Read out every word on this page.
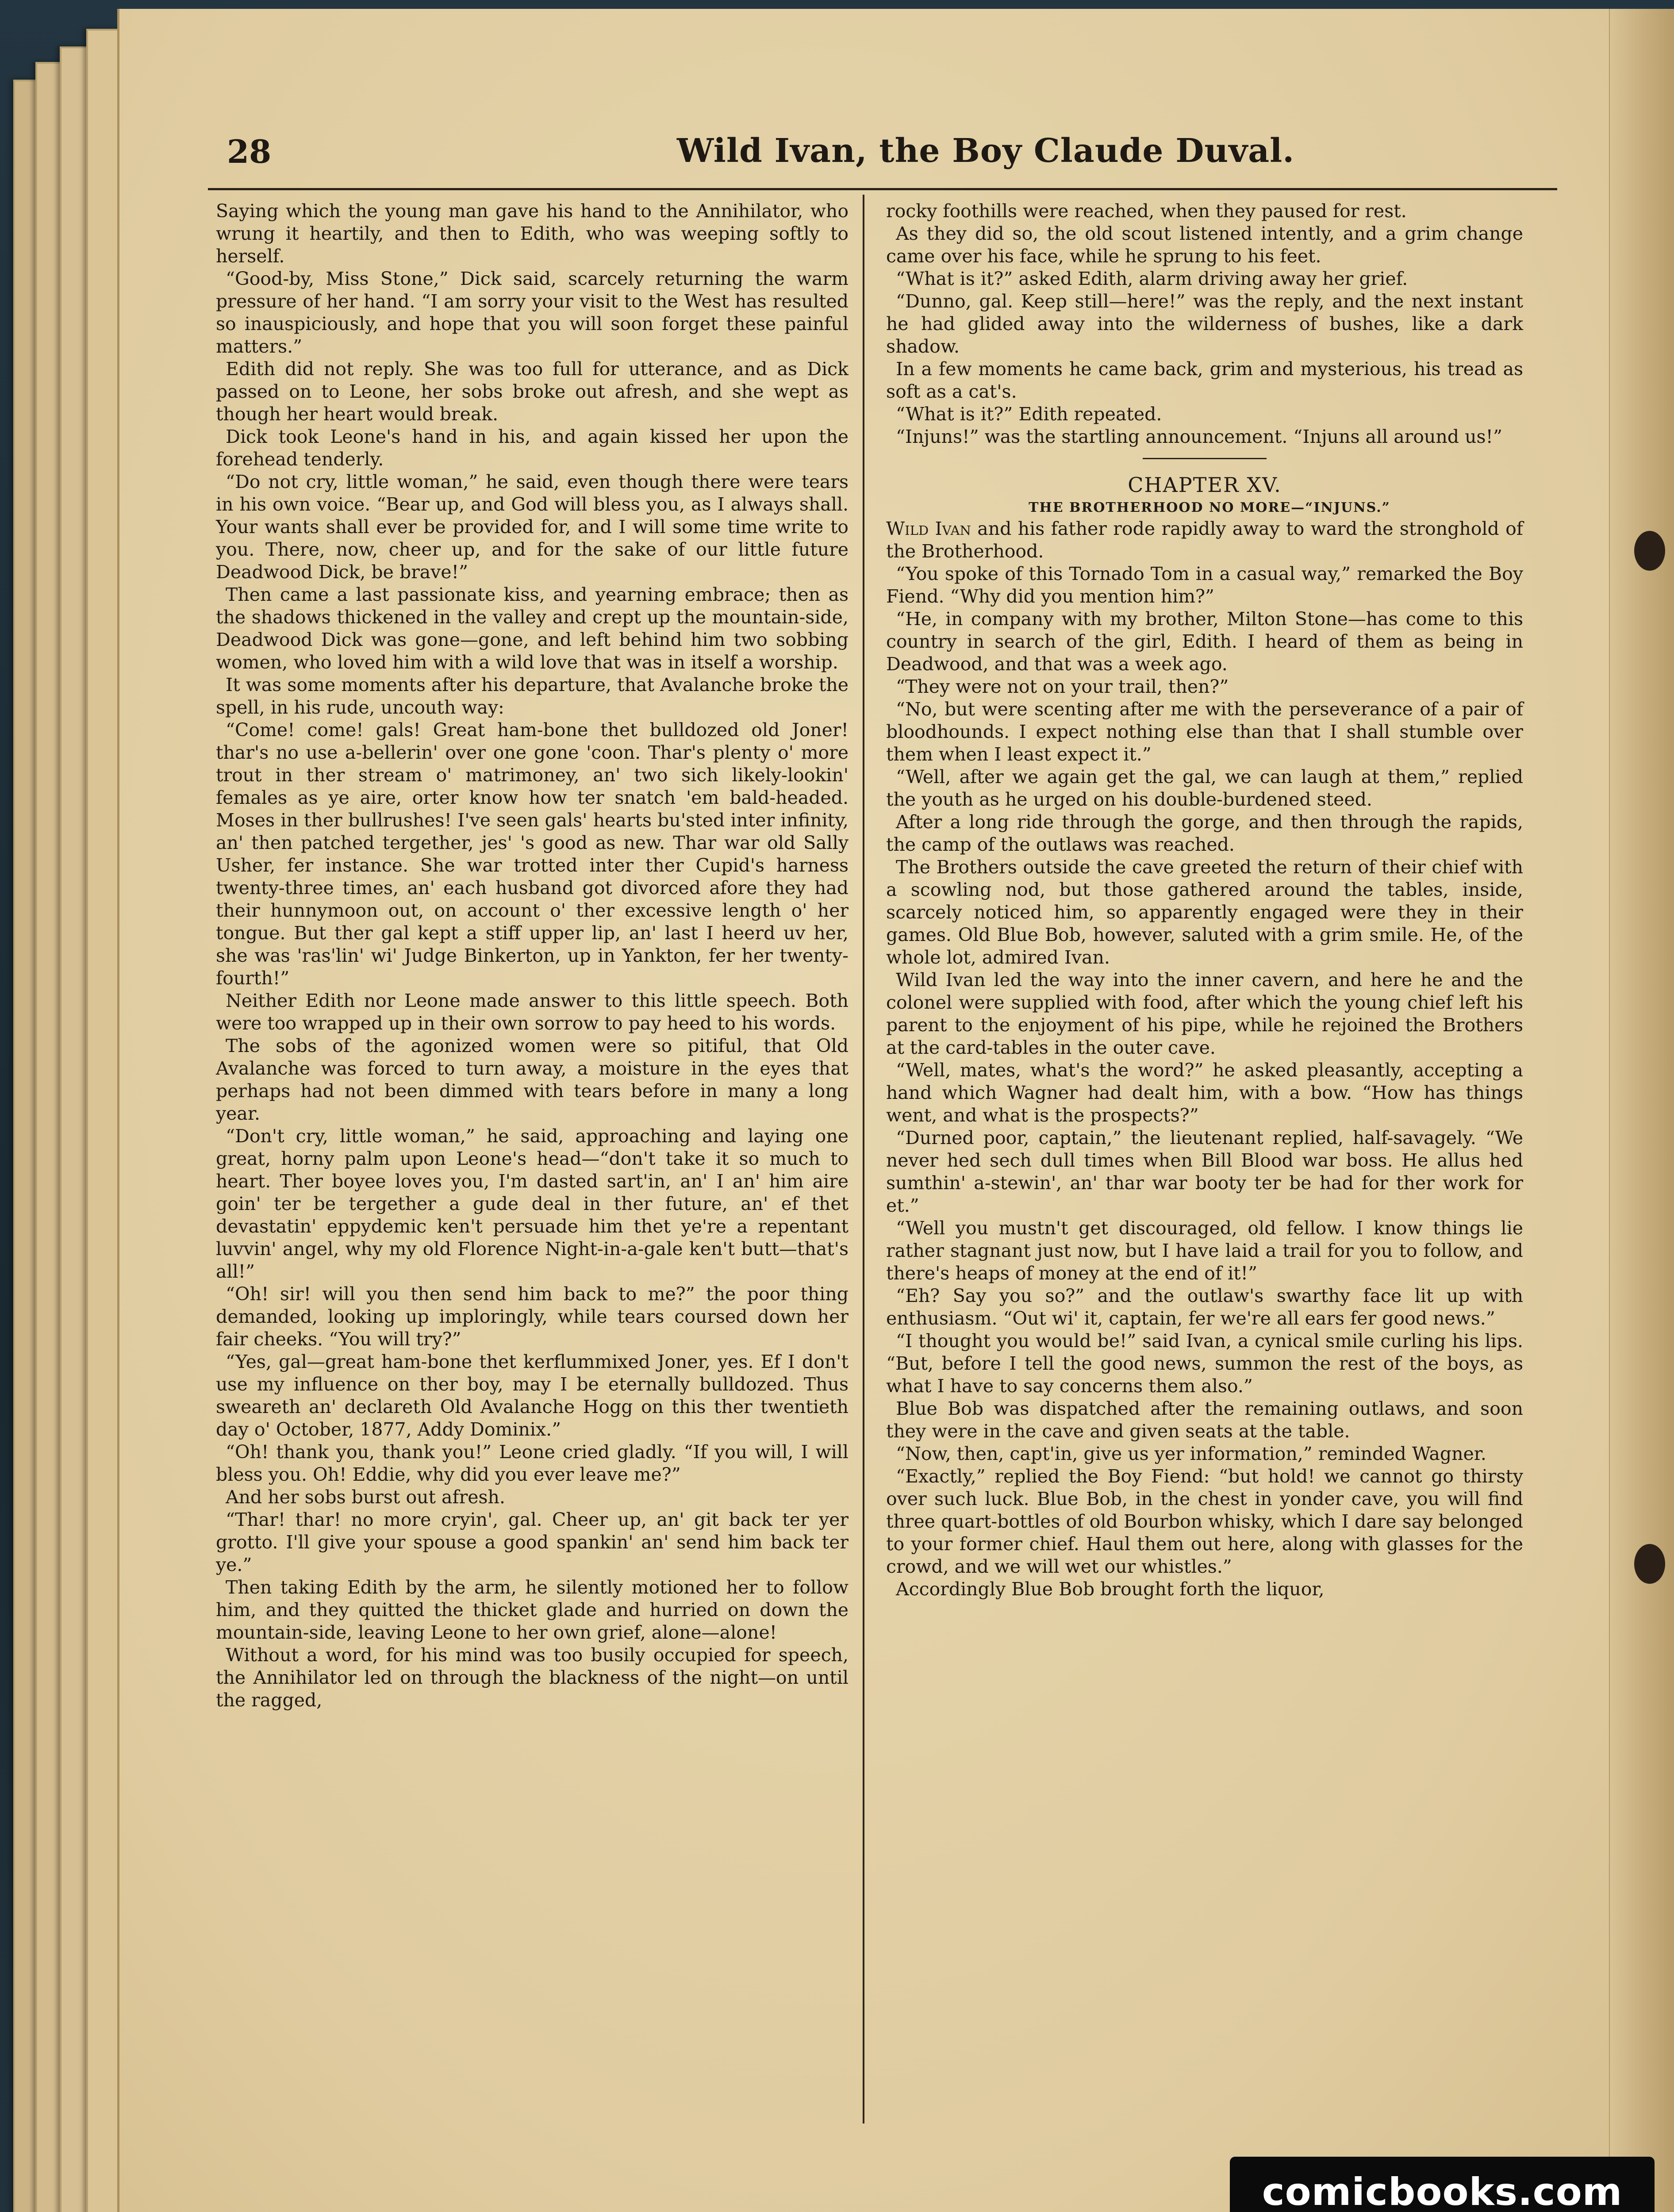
28	Wild Ivan, the Boy Claude Duval.

Saying which the young man gave his hand to the Annihilator, who wrung it heartily, and then to Edith, who was weeping softly to herself.

“Good-by, Miss Stone,” Dick said, scarcely returning the warm pressure of her hand. “I am sorry your visit to the West has resulted so inauspiciously, and hope that you will soon forget these painful matters.”

Edith did not reply. She was too full for utterance, and as Dick passed on to Leone, her sobs broke out afresh, and she wept as though her heart would break.

Dick took Leone's hand in his, and again kissed her upon the forehead tenderly.

“Do not cry, little woman,” he said, even though there were tears in his own voice. “Bear up, and God will bless you, as I always shall. Your wants shall ever be provided for, and I will some time write to you. There, now, cheer up, and for the sake of our little future Deadwood Dick, be brave!”

Then came a last passionate kiss, and yearning embrace; then as the shadows thickened in the valley and crept up the mountain-side, Deadwood Dick was gone—gone, and left behind him two sobbing women, who loved him with a wild love that was in itself a worship.

It was some moments after his departure, that Avalanche broke the spell, in his rude, uncouth way:

“Come! come! gals! Great ham-bone thet bulldozed old Joner! thar's no use a-bellerin' over one gone 'coon. Thar's plenty o' more trout in ther stream o' matrimoney, an' two sich likely-lookin' females as ye aire, orter know how ter snatch 'em bald-headed. Moses in ther bullrushes! I've seen gals' hearts bu'sted inter infinity, an' then patched tergether, jes' 's good as new. Thar war old Sally Usher, fer instance. She war trotted inter ther Cupid's harness twenty-three times, an' each husband got divorced afore they had their hunnymoon out, on account o' ther excessive length o' her tongue. But ther gal kept a stiff upper lip, an' last I heerd uv her, she was 'ras'lin' wi' Judge Binkerton, up in Yankton, fer her twenty-fourth!”

Neither Edith nor Leone made answer to this little speech. Both were too wrapped up in their own sorrow to pay heed to his words.

The sobs of the agonized women were so pitiful, that Old Avalanche was forced to turn away, a moisture in the eyes that perhaps had not been dimmed with tears before in many a long year.

“Don't cry, little woman,” he said, approaching and laying one great, horny palm upon Leone's head—“don't take it so much to heart. Ther boyee loves you, I'm dasted sart'in, an' I an' him aire goin' ter be tergether a gude deal in ther future, an' ef thet devastatin' eppydemic ken't persuade him thet ye're a repentant luvvin' angel, why my old Florence Night-in-a-gale ken't butt—that's all!”

“Oh! sir! will you then send him back to me?” the poor thing demanded, looking up imploringly, while tears coursed down her fair cheeks. “You will try?”

“Yes, gal—great ham-bone thet kerflummixed Joner, yes. Ef I don't use my influence on ther boy, may I be eternally bulldozed. Thus sweareth an' declareth Old Avalanche Hogg on this ther twentieth day o' October, 1877, Addy Dominix.”

“Oh! thank you, thank you!” Leone cried gladly. “If you will, I will bless you. Oh! Eddie, why did you ever leave me?”

And her sobs burst out afresh.

“Thar! thar! no more cryin', gal. Cheer up, an' git back ter yer grotto. I'll give your spouse a good spankin' an' send him back ter ye.”

Then taking Edith by the arm, he silently motioned her to follow him, and they quitted the thicket glade and hurried on down the mountain-side, leaving Leone to her own grief, alone—alone!

Without a word, for his mind was too busily occupied for speech, the Annihilator led on through the blackness of the night—on until the ragged,

rocky foothills were reached, when they paused for rest.

As they did so, the old scout listened intently, and a grim change came over his face, while he sprung to his feet.

“What is it?” asked Edith, alarm driving away her grief.

“Dunno, gal. Keep still—here!” was the reply, and the next instant he had glided away into the wilderness of bushes, like a dark shadow.

In a few moments he came back, grim and mysterious, his tread as soft as a cat's.

“What is it?” Edith repeated.

“Injuns!” was the startling announcement. “Injuns all around us!”

CHAPTER XV.

THE BROTHERHOOD NO MORE—“INJUNS.”

Wild Ivan and his father rode rapidly away to ward the stronghold of the Brotherhood.

“You spoke of this Tornado Tom in a casual way,” remarked the Boy Fiend. “Why did you mention him?”

“He, in company with my brother, Milton Stone—has come to this country in search of the girl, Edith. I heard of them as being in Deadwood, and that was a week ago.

“They were not on your trail, then?”

“No, but were scenting after me with the perseverance of a pair of bloodhounds. I expect nothing else than that I shall stumble over them when I least expect it.”

“Well, after we again get the gal, we can laugh at them,” replied the youth as he urged on his double-burdened steed.

After a long ride through the gorge, and then through the rapids, the camp of the outlaws was reached.

The Brothers outside the cave greeted the return of their chief with a scowling nod, but those gathered around the tables, inside, scarcely noticed him, so apparently engaged were they in their games. Old Blue Bob, however, saluted with a grim smile. He, of the whole lot, admired Ivan.

Wild Ivan led the way into the inner cavern, and here he and the colonel were supplied with food, after which the young chief left his parent to the enjoyment of his pipe, while he rejoined the Brothers at the card-tables in the outer cave.

“Well, mates, what's the word?” he asked pleasantly, accepting a hand which Wagner had dealt him, with a bow. “How has things went, and what is the prospects?”

“Durned poor, captain,” the lieutenant replied, half-savagely. “We never hed sech dull times when Bill Blood war boss. He allus hed sumthin' a-stewin', an' thar war booty ter be had for ther work for et.”

“Well you mustn't get discouraged, old fellow. I know things lie rather stagnant just now, but I have laid a trail for you to follow, and there's heaps of money at the end of it!”

“Eh? Say you so?” and the outlaw's swarthy face lit up with enthusiasm. “Out wi' it, captain, fer we're all ears fer good news.”

“I thought you would be!” said Ivan, a cynical smile curling his lips. “But, before I tell the good news, summon the rest of the boys, as what I have to say concerns them also.”

Blue Bob was dispatched after the remaining outlaws, and soon they were in the cave and given seats at the table.

“Now, then, capt'in, give us yer information,” reminded Wagner.

“Exactly,” replied the Boy Fiend: “but hold! we cannot go thirsty over such luck. Blue Bob, in the chest in yonder cave, you will find three quart-bottles of old Bourbon whisky, which I dare say belonged to your former chief. Haul them out here, along with glasses for the crowd, and we will wet our whistles.”

Accordingly Blue Bob brought forth the liquor,

comicbooks.com
